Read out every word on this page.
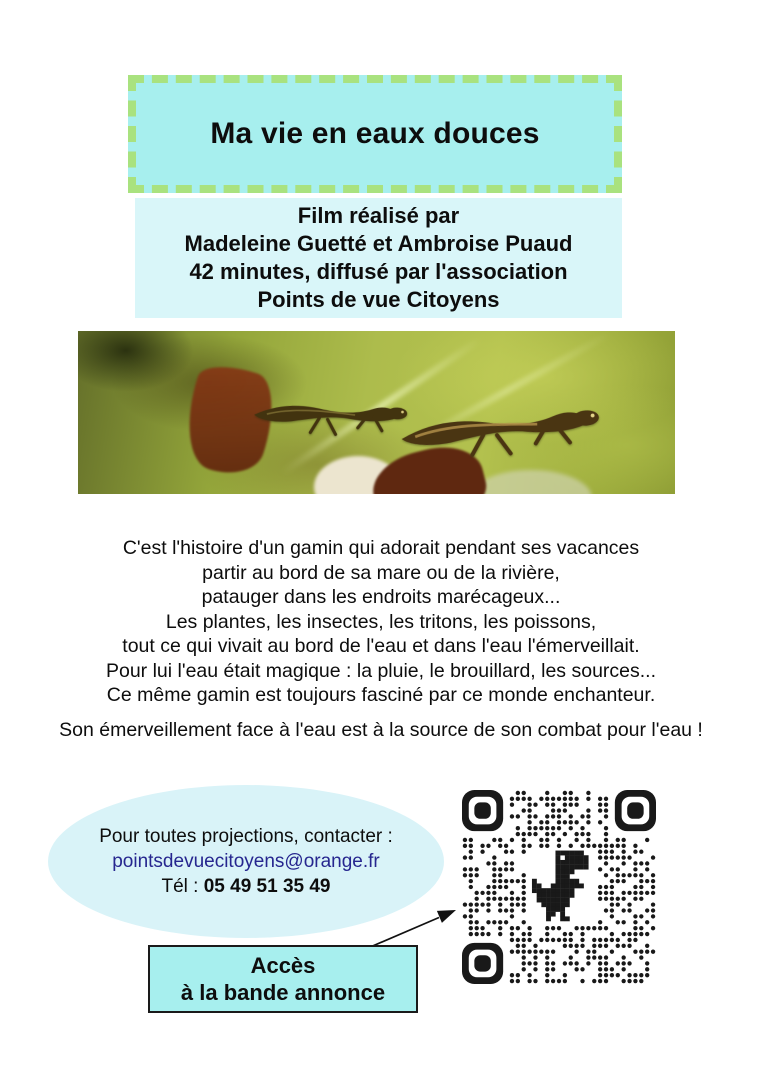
Ma vie en eaux douces
Film réalisé par
Madeleine Guetté et Ambroise Puaud
42 minutes, diffusé par l'association
Points de vue Citoyens
C'est l'histoire d'un gamin qui adorait pendant ses vacances
partir au bord de sa mare ou de la rivière,
patauger dans les endroits marécageux...
Les plantes, les insectes, les tritons, les poissons,
tout ce qui vivait au bord de l'eau et dans l'eau l'émerveillait.
Pour lui l'eau était magique : la pluie, le brouillard, les sources...
Ce même gamin est toujours fasciné par ce monde enchanteur.
Son émerveillement face à l'eau est à la source de son combat pour l'eau !
Pour toutes projections, contacter :
pointsdevuecitoyens@orange.fr
Tél : 05 49 51 35 49
Accès
à la bande annonce
